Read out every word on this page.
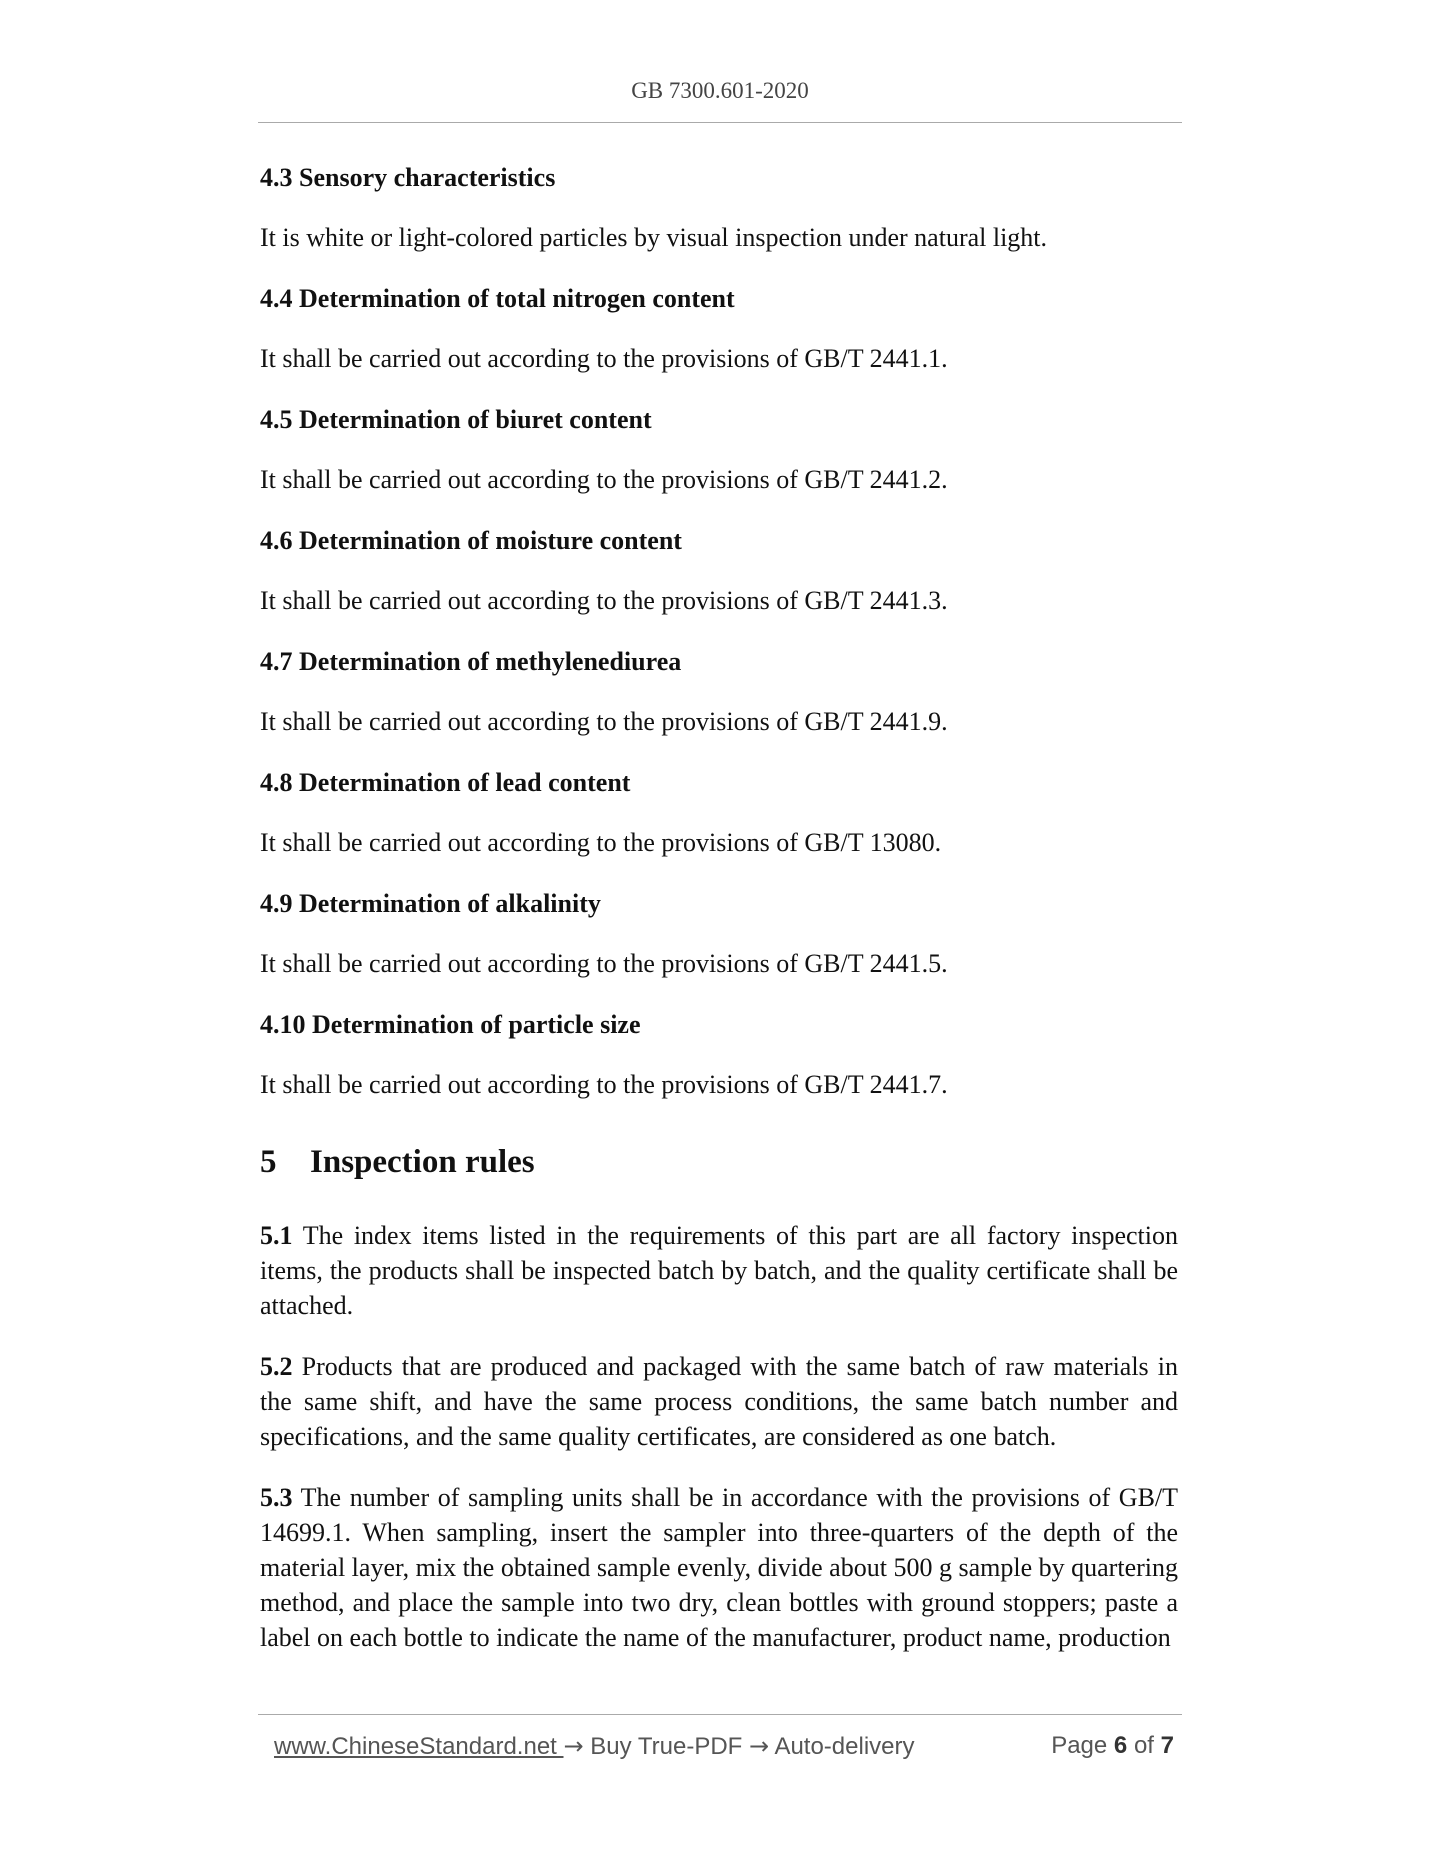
GB 7300.601-2020
4.3 Sensory characteristics
It is white or light-colored particles by visual inspection under natural light.
4.4 Determination of total nitrogen content
It shall be carried out according to the provisions of GB/T 2441.1.
4.5 Determination of biuret content
It shall be carried out according to the provisions of GB/T 2441.2.
4.6 Determination of moisture content
It shall be carried out according to the provisions of GB/T 2441.3.
4.7 Determination of methylenediurea
It shall be carried out according to the provisions of GB/T 2441.9.
4.8 Determination of lead content
It shall be carried out according to the provisions of GB/T 13080.
4.9 Determination of alkalinity
It shall be carried out according to the provisions of GB/T 2441.5.
4.10 Determination of particle size
It shall be carried out according to the provisions of GB/T 2441.7.
5 Inspection rules

5.1 The index items listed in the requirements of this part are all factory inspection items, the products shall be inspected batch by batch, and the quality certificate shall be attached.

5.2 Products that are produced and packaged with the same batch of raw materials in the same shift, and have the same process conditions, the same batch number and specifications, and the same quality certificates, are considered as one batch.

5.3 The number of sampling units shall be in accordance with the provisions of GB/T 14699.1. When sampling, insert the sampler into three-quarters of the depth of the material layer, mix the obtained sample evenly, divide about 500 g sample by quartering method, and place the sample into two dry, clean bottles with ground stoppers; paste a label on each bottle to indicate the name of the manufacturer, product name, production

www.ChineseStandard.net → Buy True-PDF → Auto-delivery	Page 6 of 7
